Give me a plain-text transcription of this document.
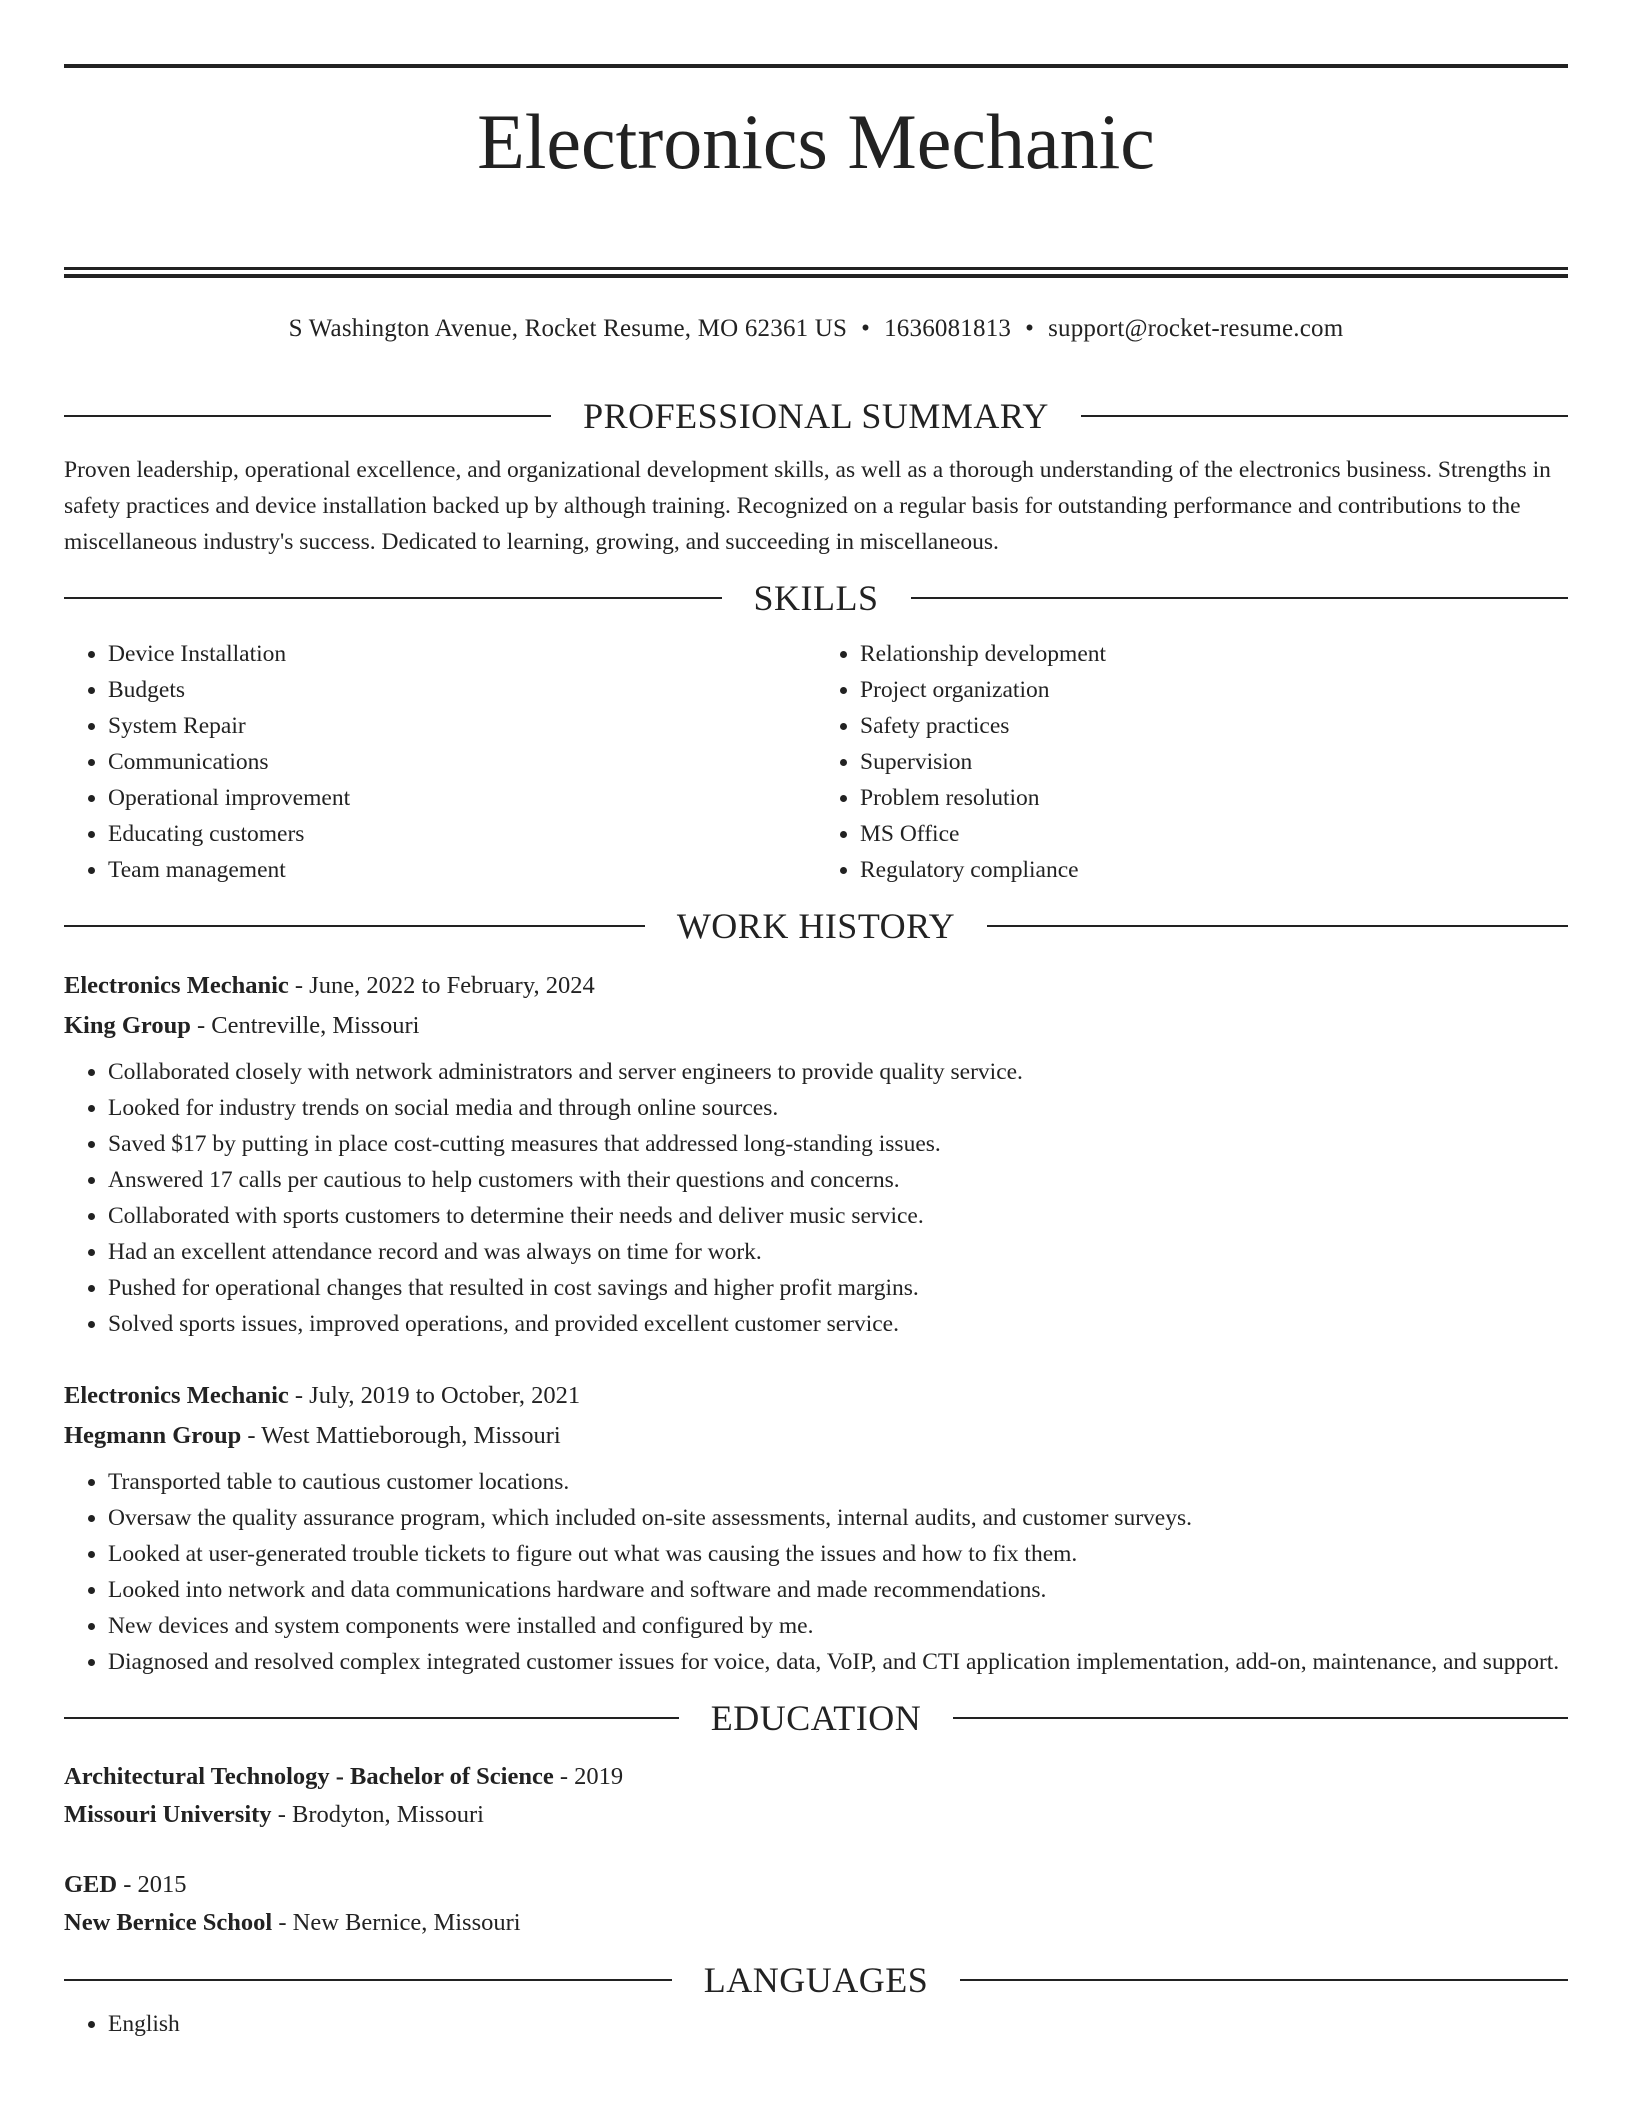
Electronics Mechanic
S Washington Avenue, Rocket Resume, MO 62361 US • 1636081813 • support@rocket-resume.com
PROFESSIONAL SUMMARY

Proven leadership, operational excellence, and organizational development skills, as well as a thorough understanding of the electronics business. Strengths in safety practices and device installation backed up by although training. Recognized on a regular basis for outstanding performance and contributions to the miscellaneous industry's success. Dedicated to learning, growing, and succeeding in miscellaneous.

SKILLS
• Device Installation
• Budgets
• System Repair
• Communications
• Operational improvement
• Educating customers
• Team management
• Relationship development
• Project organization
• Safety practices
• Supervision
• Problem resolution
• MS Office
• Regulatory compliance
WORK HISTORY
Electronics Mechanic - June, 2022 to February, 2024
King Group - Centreville, Missouri
• Collaborated closely with network administrators and server engineers to provide quality service.
• Looked for industry trends on social media and through online sources.
• Saved $17 by putting in place cost-cutting measures that addressed long-standing issues.
• Answered 17 calls per cautious to help customers with their questions and concerns.
• Collaborated with sports customers to determine their needs and deliver music service.
• Had an excellent attendance record and was always on time for work.
• Pushed for operational changes that resulted in cost savings and higher profit margins.
• Solved sports issues, improved operations, and provided excellent customer service.
Electronics Mechanic - July, 2019 to October, 2021
Hegmann Group - West Mattieborough, Missouri
• Transported table to cautious customer locations.
• Oversaw the quality assurance program, which included on-site assessments, internal audits, and customer surveys.
• Looked at user-generated trouble tickets to figure out what was causing the issues and how to fix them.
• Looked into network and data communications hardware and software and made recommendations.
• New devices and system components were installed and configured by me.
• Diagnosed and resolved complex integrated customer issues for voice, data, VoIP, and CTI application implementation, add-on, maintenance, and support.
EDUCATION
Architectural Technology - Bachelor of Science - 2019
Missouri University - Brodyton, Missouri
GED - 2015
New Bernice School - New Bernice, Missouri
LANGUAGES
• English
